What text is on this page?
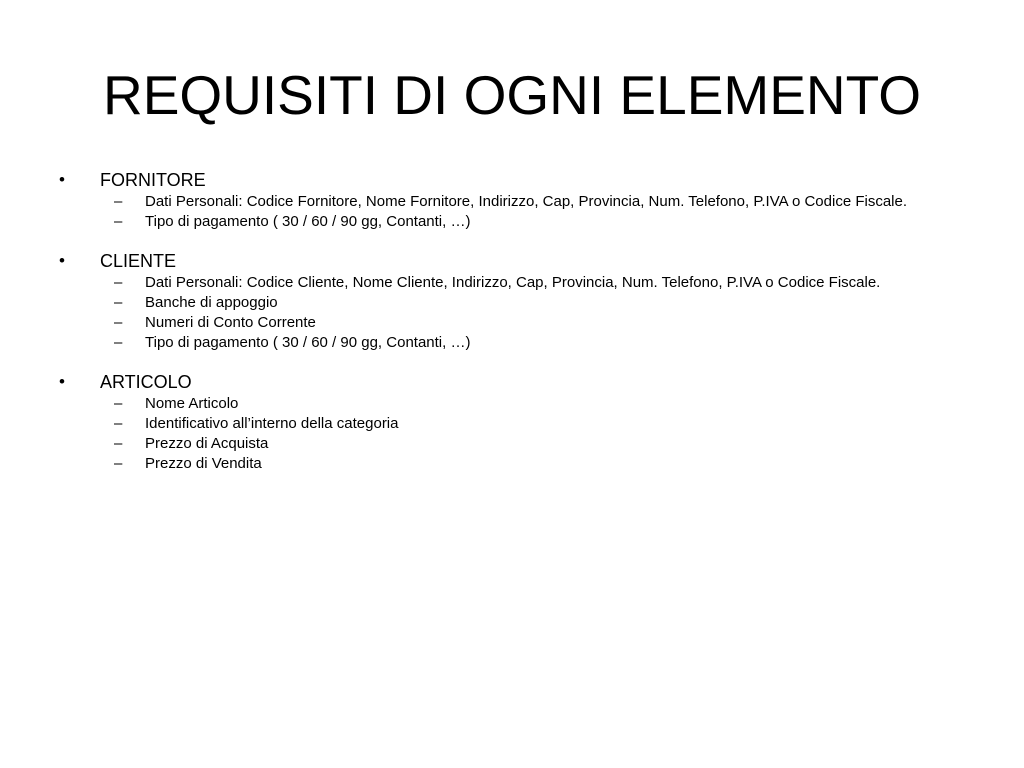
REQUISITI DI OGNI ELEMENTO
• FORNITORE
– Dati Personali: Codice Fornitore, Nome Fornitore, Indirizzo, Cap, Provincia, Num. Telefono, P.IVA o Codice Fiscale.
– Tipo di pagamento ( 30 / 60 / 90 gg, Contanti, …)
• CLIENTE
– Dati Personali: Codice Cliente, Nome Cliente, Indirizzo, Cap, Provincia, Num. Telefono, P.IVA o Codice Fiscale.
– Banche di appoggio
– Numeri di Conto Corrente
– Tipo di pagamento ( 30 / 60 / 90 gg, Contanti, …)
• ARTICOLO
– Nome Articolo
– Identificativo all’interno della categoria
– Prezzo di Acquista
– Prezzo di Vendita
